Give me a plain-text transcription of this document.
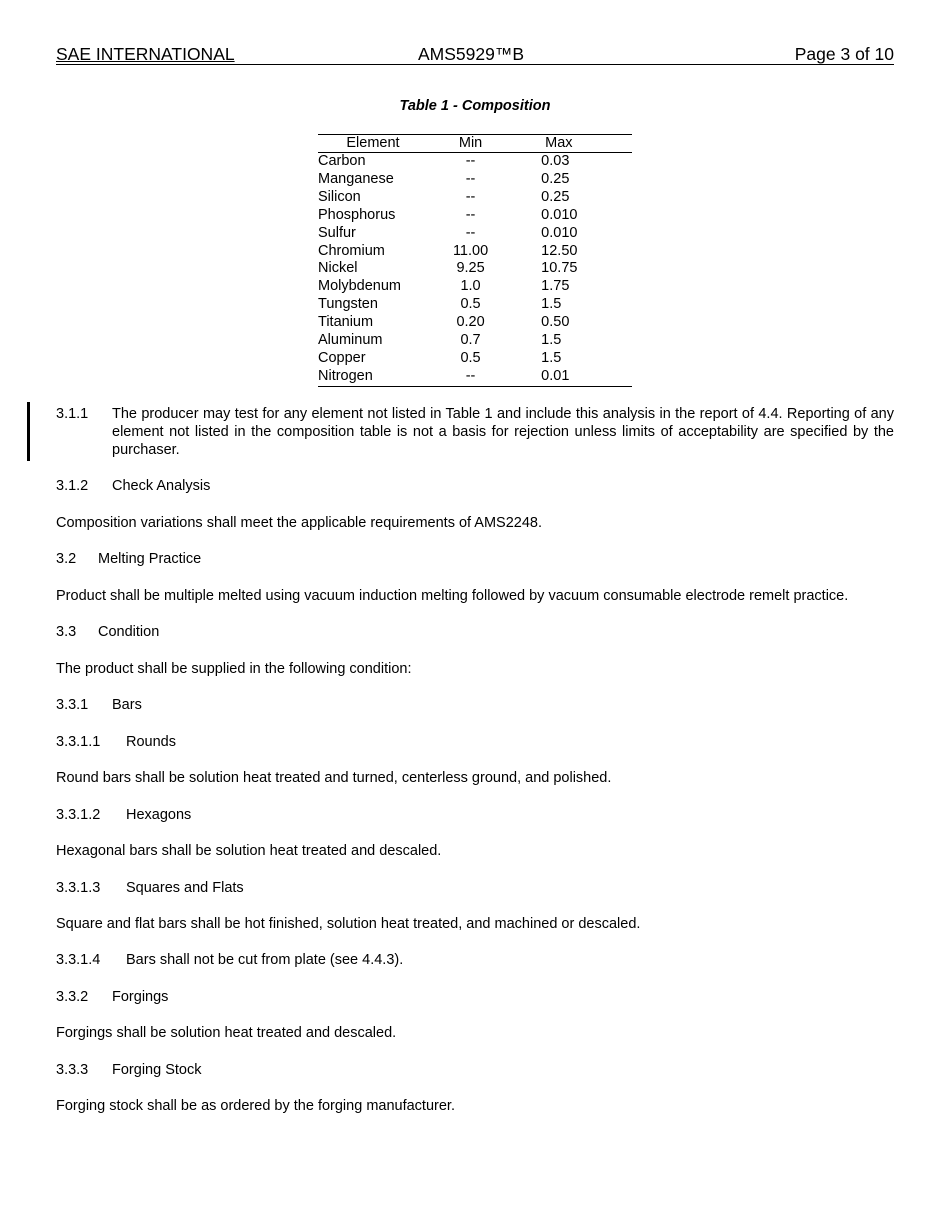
SAE INTERNATIONAL	AMS5929™B	Page 3 of 10
Table 1 - Composition
Element	Min	Max
Carbon	--	0.03
Manganese	--	0.25
Silicon	--	0.25
Phosphorus	--	0.010
Sulfur	--	0.010
Chromium	11.00	12.50
Nickel	9.25	10.75
Molybdenum	1.0	1.75
Tungsten	0.5	1.5
Titanium	0.20	0.50
Aluminum	0.7	1.5
Copper	0.5	1.5
Nitrogen	--	0.01
3.1.1 The producer may test for any element not listed in Table 1 and include this analysis in the report of 4.4. Reporting of any element not listed in the composition table is not a basis for rejection unless limits of acceptability are specified by the purchaser.
3.1.2 Check Analysis
Composition variations shall meet the applicable requirements of AMS2248.
3.2 Melting Practice
Product shall be multiple melted using vacuum induction melting followed by vacuum consumable electrode remelt practice.
3.3 Condition
The product shall be supplied in the following condition:
3.3.1 Bars
3.3.1.1 Rounds
Round bars shall be solution heat treated and turned, centerless ground, and polished.
3.3.1.2 Hexagons
Hexagonal bars shall be solution heat treated and descaled.
3.3.1.3 Squares and Flats
Square and flat bars shall be hot finished, solution heat treated, and machined or descaled.
3.3.1.4 Bars shall not be cut from plate (see 4.4.3).
3.3.2 Forgings
Forgings shall be solution heat treated and descaled.
3.3.3 Forging Stock
Forging stock shall be as ordered by the forging manufacturer.
